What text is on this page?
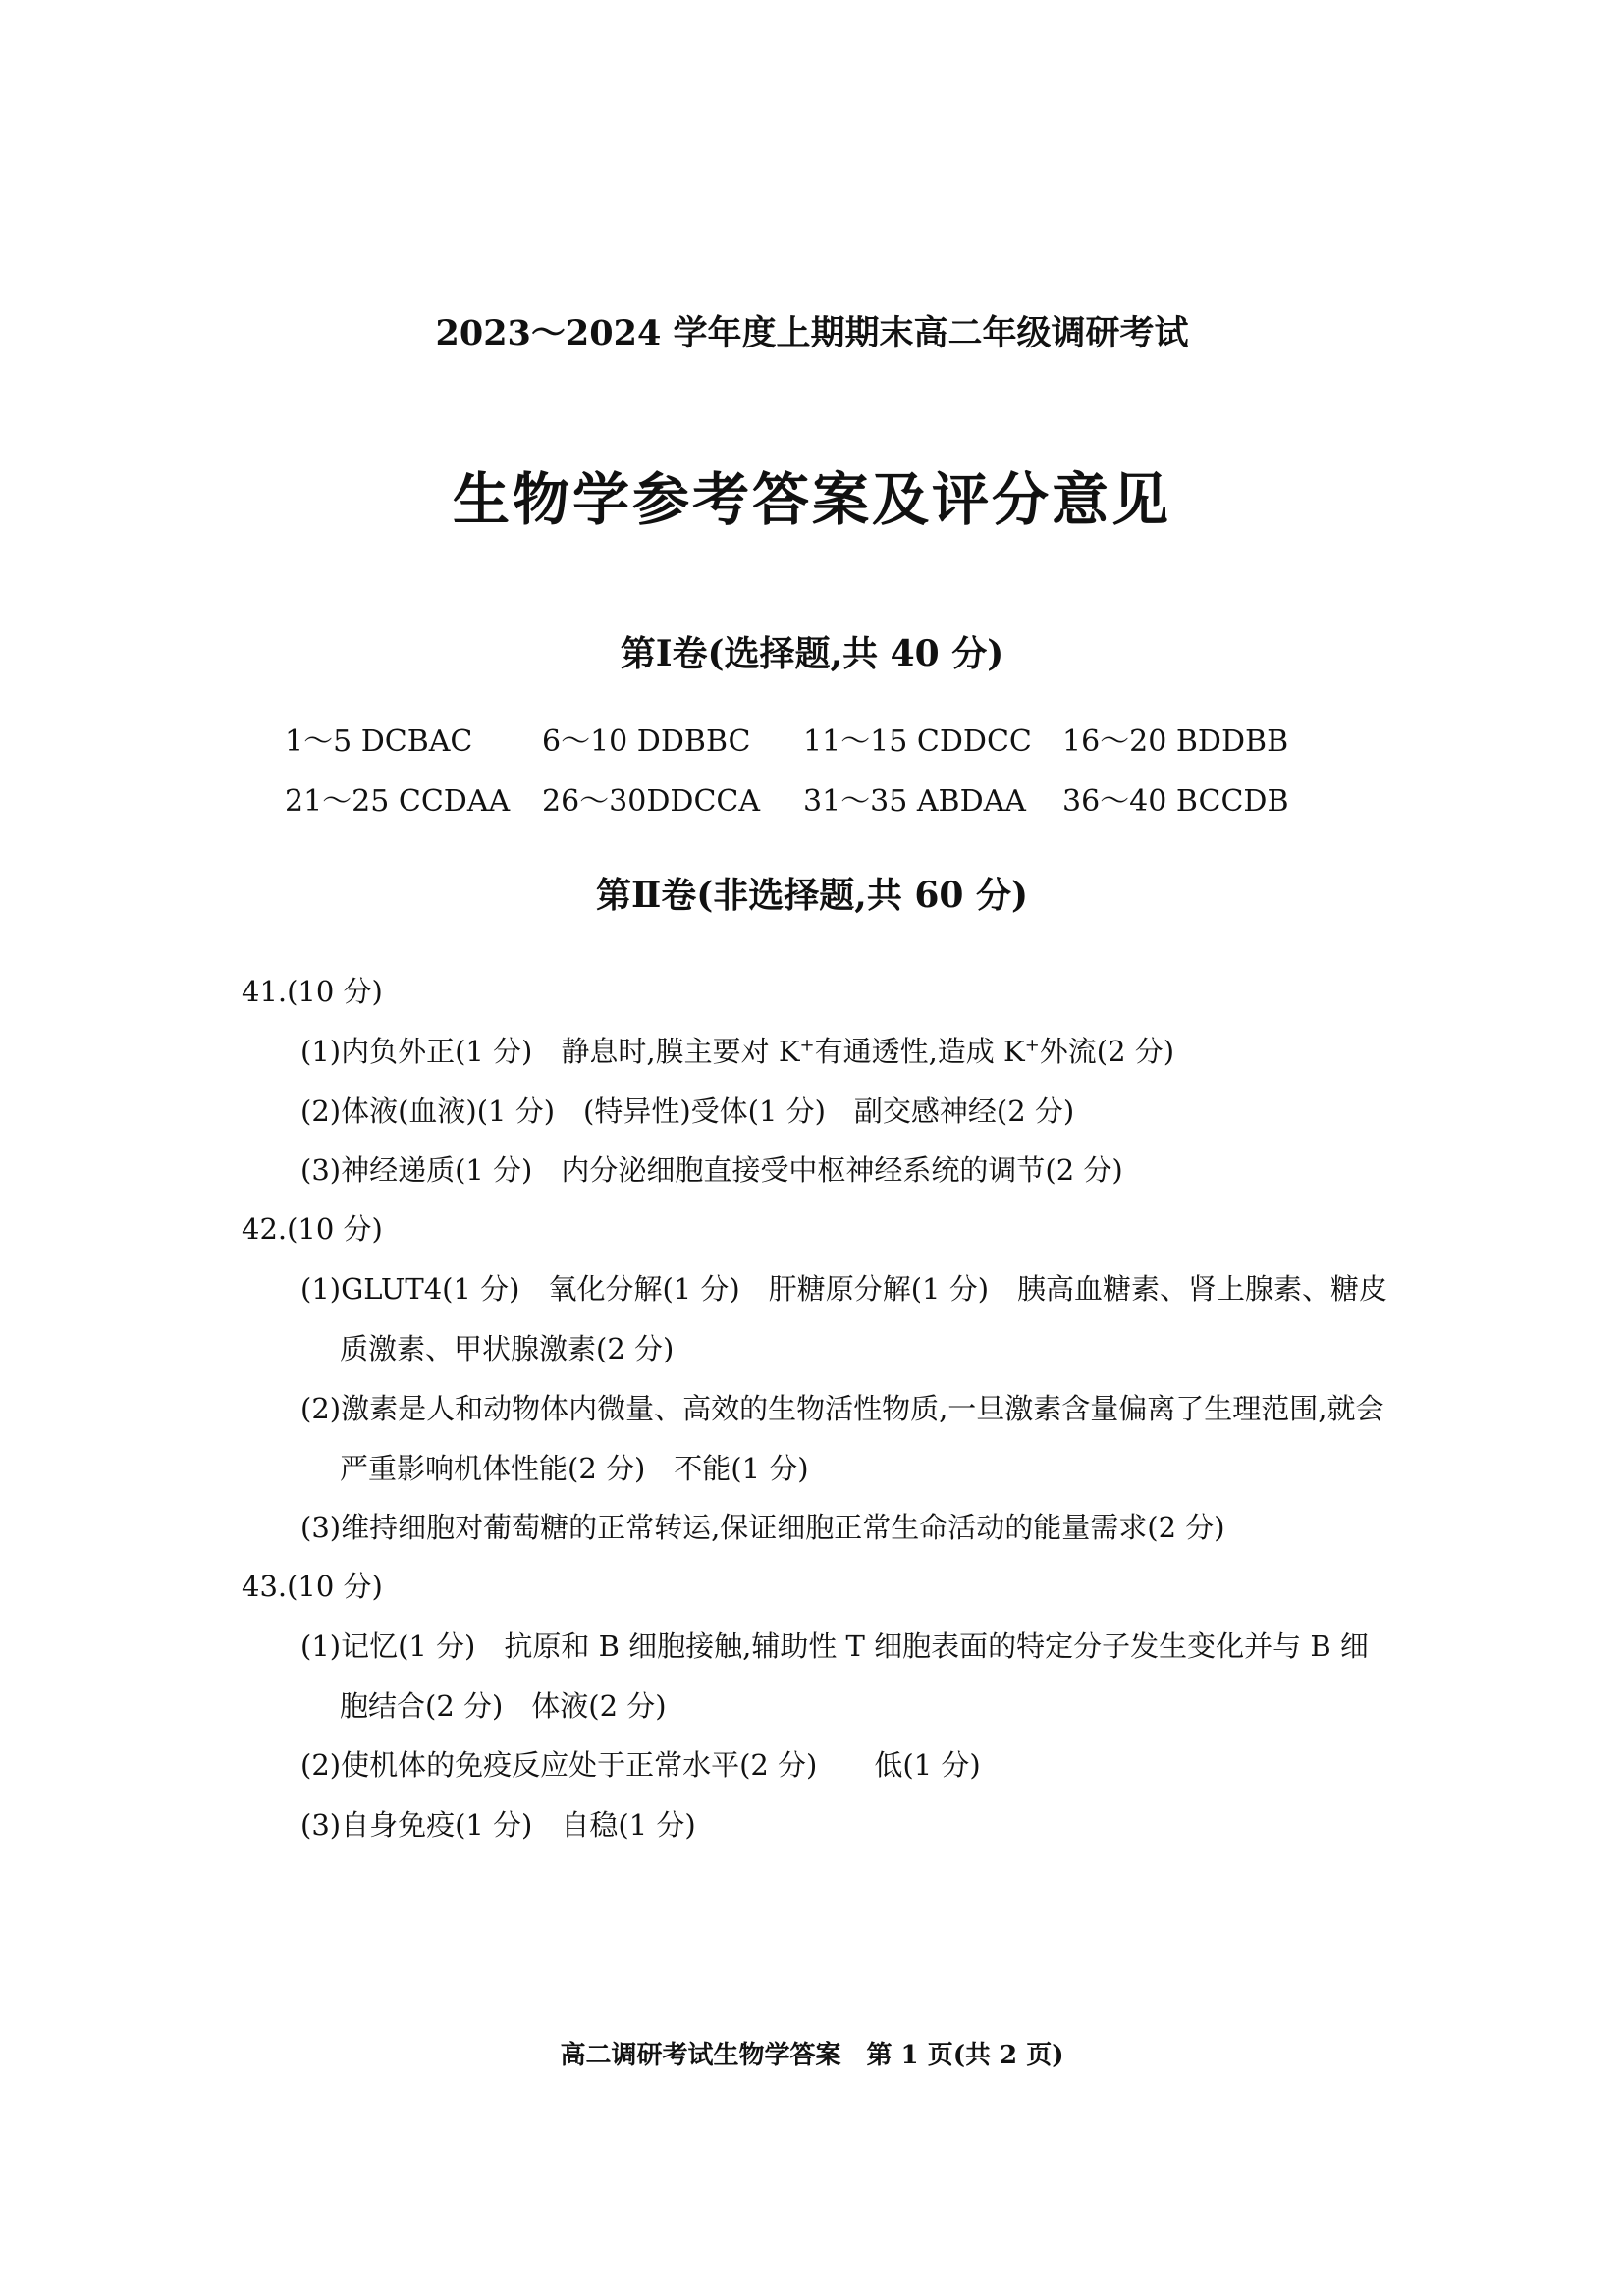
2023～2024 学年度上期期末高二年级调研考试
生物学参考答案及评分意见
第Ⅰ卷(选择题,共 40 分)
1～5 DCBAC 6～10 DDBBC 11～15 CDDCC 16～20 BDDBB
21～25 CCDAA 26～30DDCCA 31～35 ABDAA 36～40 BCCDB
第Ⅱ卷(非选择题,共 60 分)
41.(10 分)
(1)内负外正(1 分)　静息时,膜主要对 K+有通透性,造成 K+外流(2 分)
(2)体液(血液)(1 分)　(特异性)受体(1 分)　副交感神经(2 分)
(3)神经递质(1 分)　内分泌细胞直接受中枢神经系统的调节(2 分)
42.(10 分)
(1)GLUT4(1 分)　氧化分解(1 分)　肝糖原分解(1 分)　胰高血糖素、肾上腺素、糖皮
质激素、甲状腺激素(2 分)
(2)激素是人和动物体内微量、高效的生物活性物质,一旦激素含量偏离了生理范围,就会
严重影响机体性能(2 分)　不能(1 分)
(3)维持细胞对葡萄糖的正常转运,保证细胞正常生命活动的能量需求(2 分)
43.(10 分)
(1)记忆(1 分)　抗原和 B 细胞接触,辅助性 T 细胞表面的特定分子发生变化并与 B 细
胞结合(2 分)　体液(2 分)
(2)使机体的免疫反应处于正常水平(2 分)　　低(1 分)
(3)自身免疫(1 分)　自稳(1 分)
高二调研考试生物学答案　第 1 页(共 2 页)
